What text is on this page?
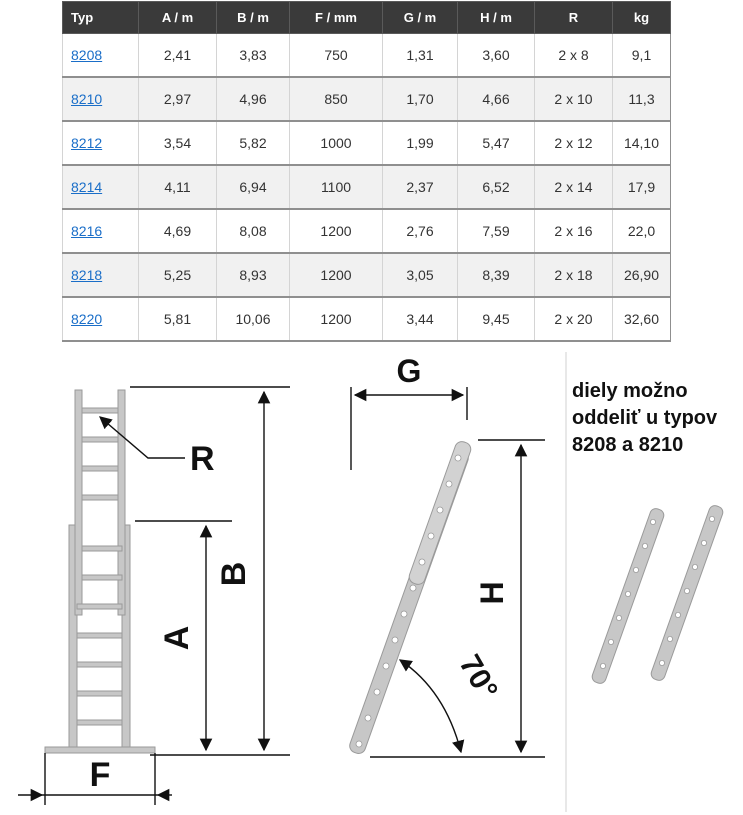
Typ	A / m	B / m	F / mm	G / m	H / m	R	kg
8208	2,41	3,83	750	1,31	3,60	2 x 8	9,1
8210	2,97	4,96	850	1,70	4,66	2 x 10	11,3
8212	3,54	5,82	1000	1,99	5,47	2 x 12	14,10
8214	4,11	6,94	1100	2,37	6,52	2 x 14	17,9
8216	4,69	8,08	1200	2,76	7,59	2 x 16	22,0
8218	5,25	8,93	1200	3,05	8,39	2 x 18	26,90
8220	5,81	10,06	1200	3,44	9,45	2 x 20	32,60
R
B
A
F
G
H
70°
diely možno
oddeliť u typov
8208 a 8210
